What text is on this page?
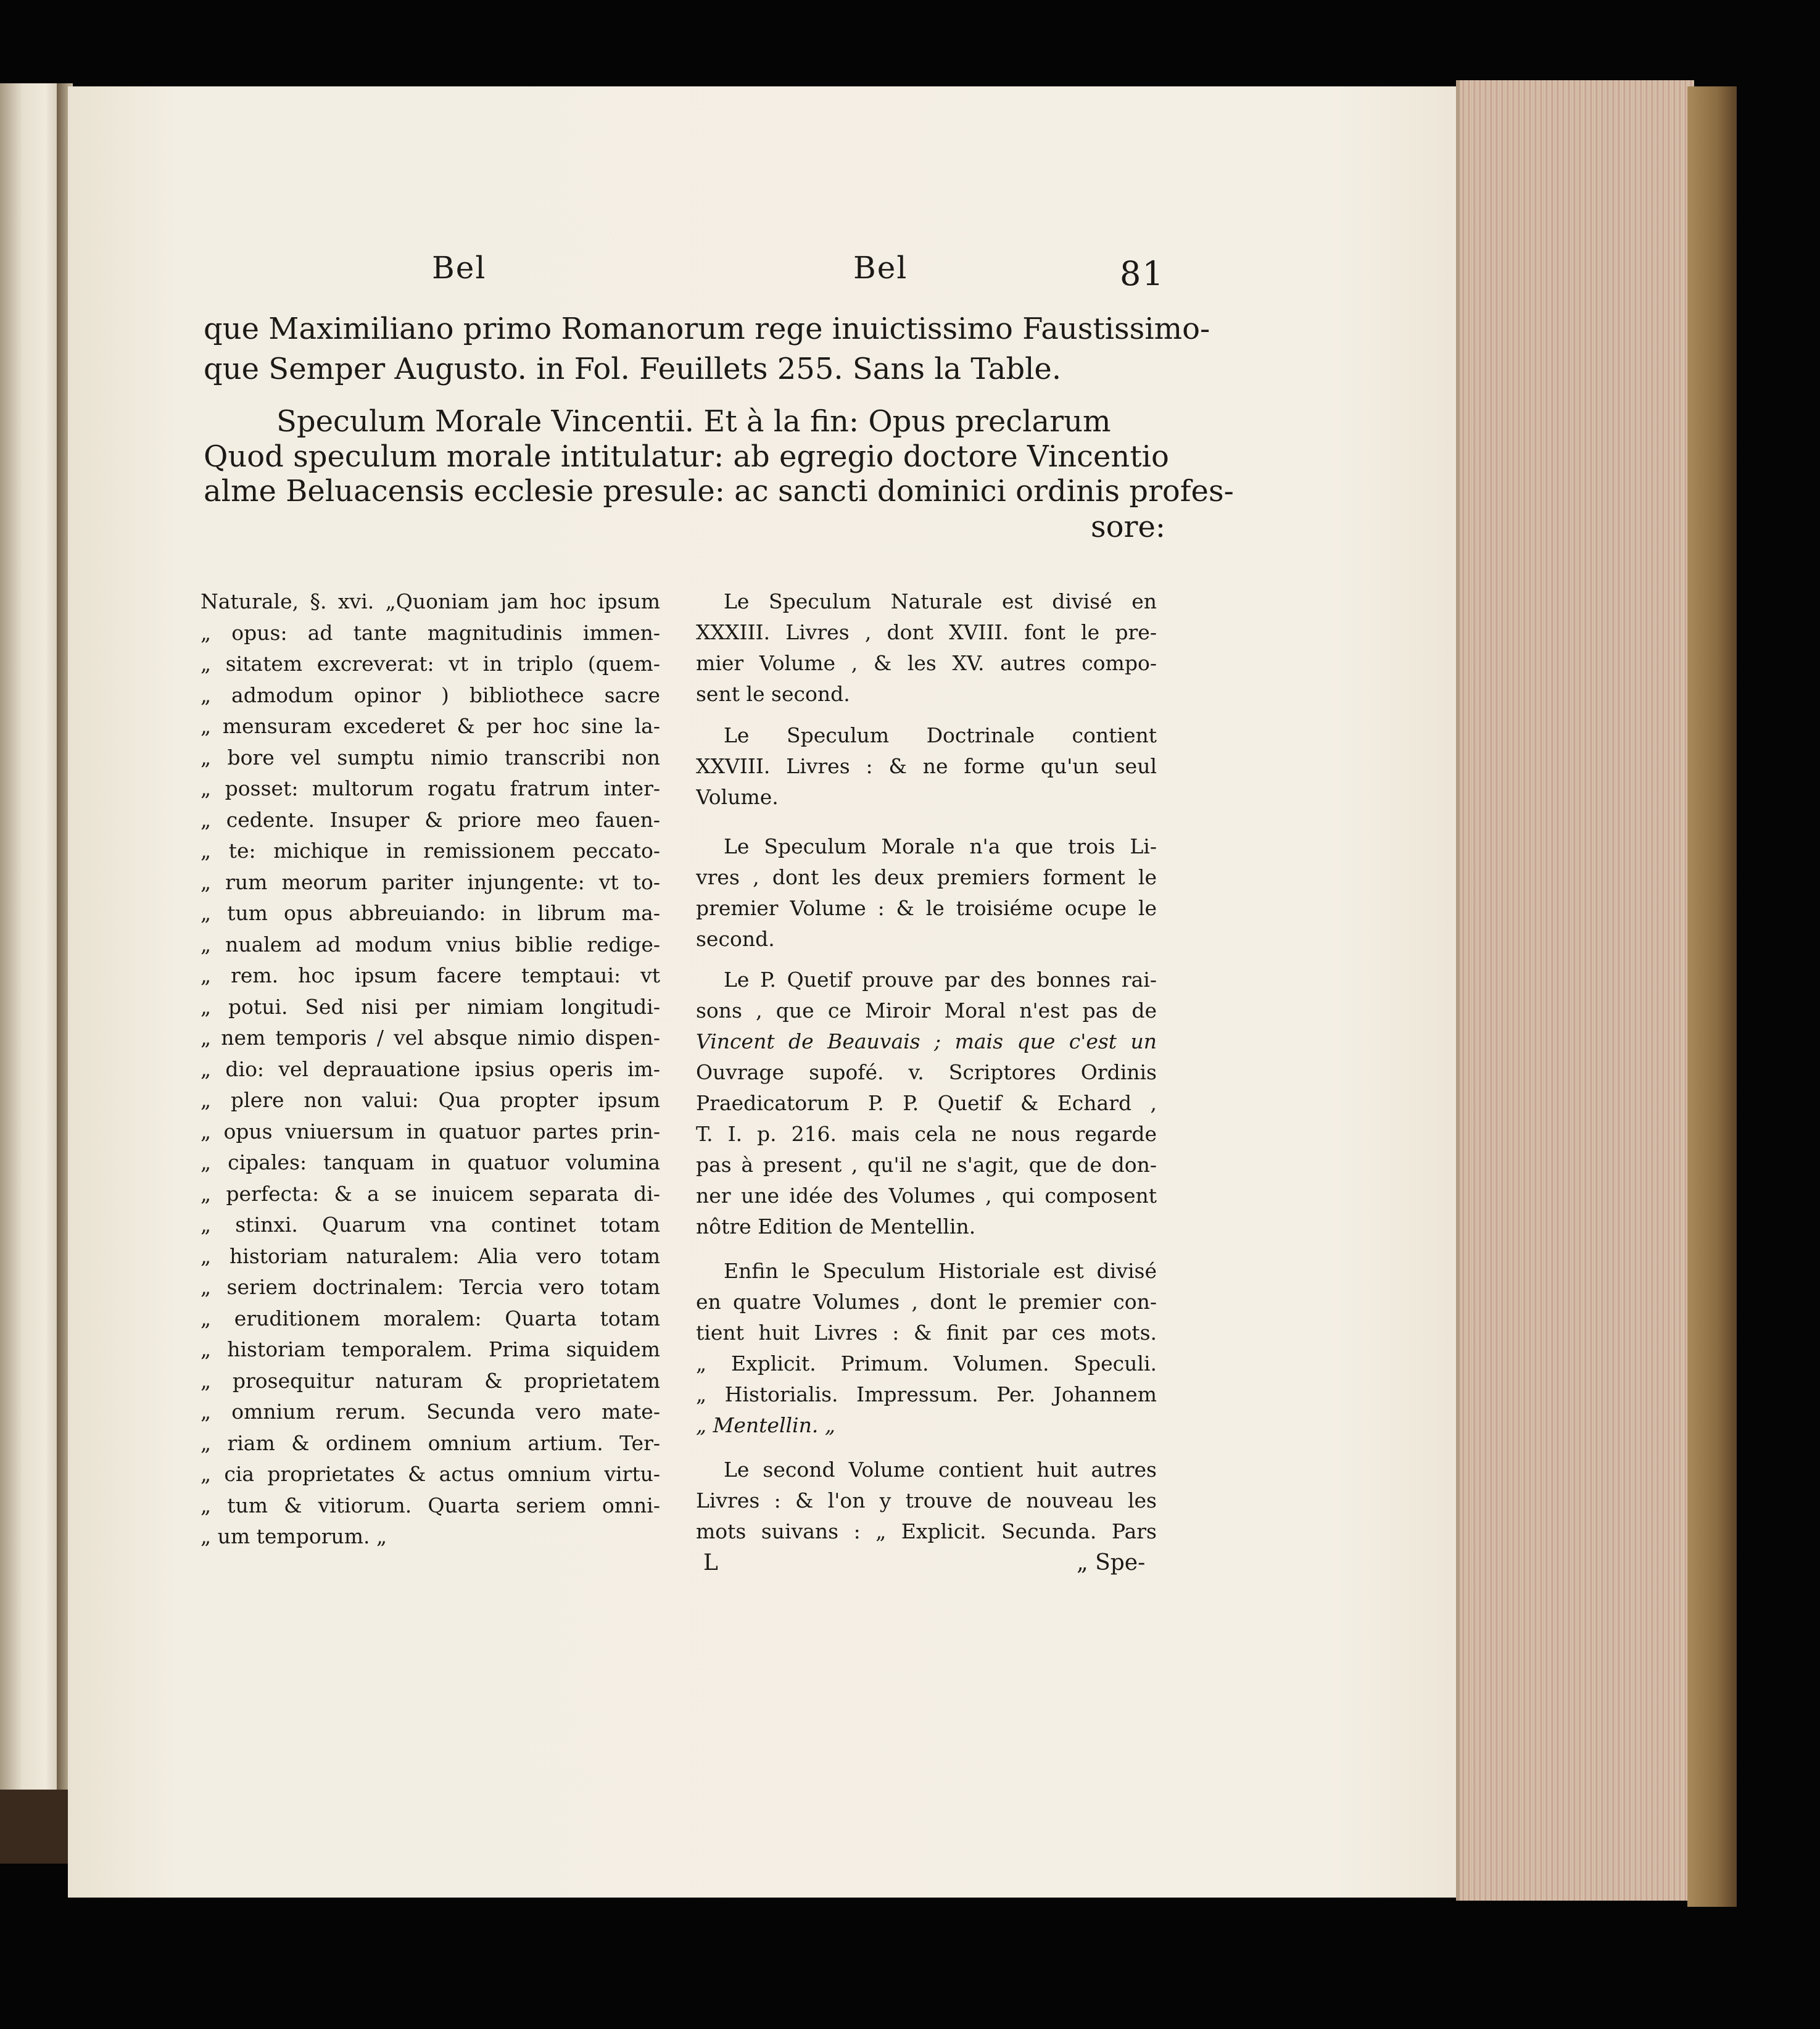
Bel	Bel	81

que Maximiliano primo Romanorum rege inuictissimo Faustissimo-

que Semper Augusto. in Fol. Feuillets 255. Sans la Table.

Speculum Morale Vincentii. Et à la fin: Opus preclarum

Quod speculum morale intitulatur: ab egregio doctore Vincentio

alme Beluacensis ecclesie presule: ac sancti dominici ordinis profes-

sore:

Naturale, §. xvi. „Quoniam jam hoc ipsum
„ opus: ad tante magnitudinis immen-
„ sitatem excreverat: vt in triplo (quem-
„ admodum opinor ) bibliothece sacre
„ mensuram excederet & per hoc sine la-
„ bore vel sumptu nimio transcribi non
„ posset: multorum rogatu fratrum inter-
„ cedente. Insuper & priore meo fauen-
„ te: michique in remissionem peccato-
„ rum meorum pariter injungente: vt to-
„ tum opus abbreuiando: in librum ma-
„ nualem ad modum vnius biblie redige-
„ rem. hoc ipsum facere temptaui: vt
„ potui. Sed nisi per nimiam longitudi-
„ nem temporis / vel absque nimio dispen-
„ dio: vel deprauatione ipsius operis im-
„ plere non valui: Qua propter ipsum
„ opus vniuersum in quatuor partes prin-
„ cipales: tanquam in quatuor volumina
„ perfecta: & a se inuicem separata di-
„ stinxi. Quarum vna continet totam
„ historiam naturalem: Alia vero totam
„ seriem doctrinalem: Tercia vero totam
„ eruditionem moralem: Quarta totam
„ historiam temporalem. Prima siquidem
„ prosequitur naturam & proprietatem
„ omnium rerum. Secunda vero mate-
„ riam & ordinem omnium artium. Ter-
„ cia proprietates & actus omnium virtu-
„ tum & vitiorum. Quarta seriem omni-
„ um temporum. „
Le Speculum Naturale est divisé en
XXXIII. Livres , dont XVIII. font le pre-
mier Volume , & les XV. autres compo-
sent le second.
Le Speculum Doctrinale contient
XXVIII. Livres : & ne forme qu'un seul
Volume.
Le Speculum Morale n'a que trois Li-
vres , dont les deux premiers forment le
premier Volume : & le troisiéme ocupe le
second.
Le P. Quetif prouve par des bonnes rai-
sons , que ce Miroir Moral n'est pas de
Vincent de Beauvais ; mais que c'est un
Ouvrage supofé. v. Scriptores Ordinis
Praedicatorum P. P. Quetif & Echard ,
T. I. p. 216. mais cela ne nous regarde
pas à present , qu'il ne s'agit, que de don-
ner une idée des Volumes , qui composent
nôtre Edition de Mentellin.
Enfin le Speculum Historiale est divisé
en quatre Volumes , dont le premier con-
tient huit Livres : & finit par ces mots.
„ Explicit. Primum. Volumen. Speculi.
„ Historialis. Impressum. Per. Johannem
„ Mentellin. „
Le second Volume contient huit autres
Livres : & l'on y trouve de nouveau les
mots suivans : „ Explicit. Secunda. Pars

L	„ Spe-
